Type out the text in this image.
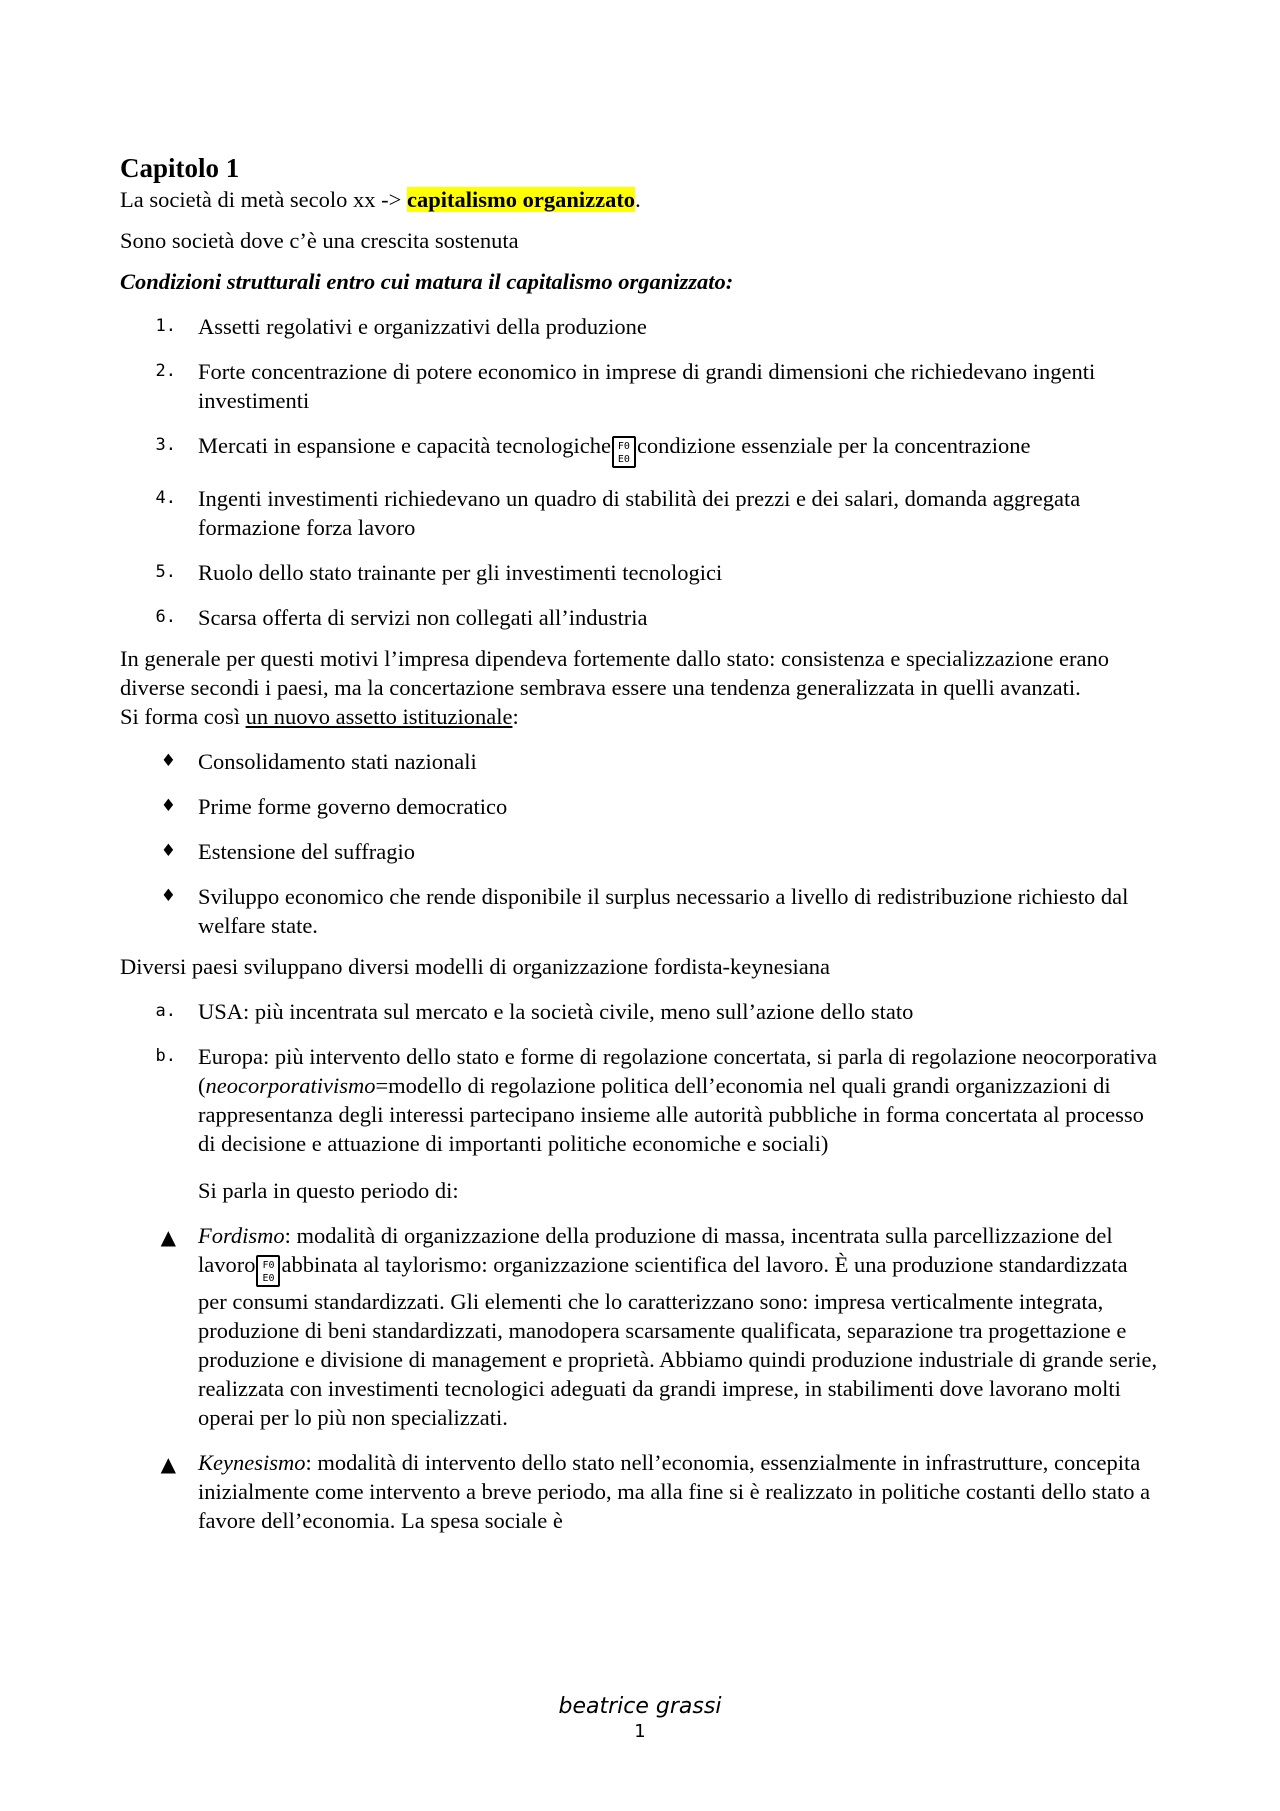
Capitolo 1

La società di metà secolo xx -> capitalismo organizzato.

Sono società dove c’è una crescita sostenuta

Condizioni strutturali entro cui matura il capitalismo organizzato:

1. Assetti regolativi e organizzativi della produzione
2. Forte concentrazione di potere economico in imprese di grandi dimensioni che richiedevano ingenti investimenti
3. Mercati in espansione e capacità tecnologiche F0
E0condizione essenziale per la concentrazione
4. Ingenti investimenti richiedevano un quadro di stabilità dei prezzi e dei salari, domanda aggregata formazione forza lavoro
5. Ruolo dello stato trainante per gli investimenti tecnologici
6. Scarsa offerta di servizi non collegati all’industria

In generale per questi motivi l’impresa dipendeva fortemente dallo stato: consistenza e specializzazione erano diverse secondi i paesi, ma la concertazione sembrava essere una tendenza generalizzata in quelli avanzati.

Si forma così un nuovo assetto istituzionale:

♦ Consolidamento stati nazionali
♦ Prime forme governo democratico
♦ Estensione del suffragio
♦ Sviluppo economico che rende disponibile il surplus necessario a livello di redistribuzione richiesto dal welfare state.

Diversi paesi sviluppano diversi modelli di organizzazione fordista-keynesiana

a. USA: più incentrata sul mercato e la società civile, meno sull’azione dello stato
b. Europa: più intervento dello stato e forme di regolazione concertata, si parla di regolazione neocorporativa (neocorporativismo=modello di regolazione politica dell’economia nel quali grandi organizzazioni di rappresentanza degli interessi partecipano insieme alle autorità pubbliche in forma concertata al processo di decisione e attuazione di importanti politiche economiche e sociali)

Si parla in questo periodo di:

▲ Fordismo: modalità di organizzazione della produzione di massa, incentrata sulla parcellizzazione del lavoro F0
E0abbinata al taylorismo: organizzazione scientifica del lavoro. È una produzione standardizzata per consumi standardizzati. Gli elementi che lo caratterizzano sono: impresa verticalmente integrata, produzione di beni standardizzati, manodopera scarsamente qualificata, separazione tra progettazione e produzione e divisione di management e proprietà. Abbiamo quindi produzione industriale di grande serie, realizzata con investimenti tecnologici adeguati da grandi imprese, in stabilimenti dove lavorano molti operai per lo più non specializzati.
▲ Keynesismo: modalità di intervento dello stato nell’economia, essenzialmente in infrastrutture, concepita inizialmente come intervento a breve periodo, ma alla fine si è realizzato in politiche costanti dello stato a favore dell’economia. La spesa sociale è
beatrice grassi
1
